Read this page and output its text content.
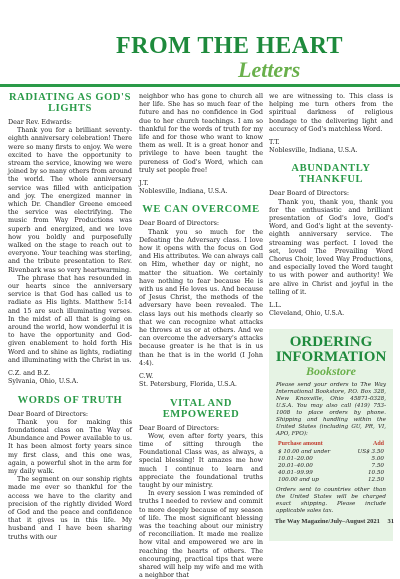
FROM THE HEART
Letters
RADIATING AS GOD'S LIGHTS

Dear Rev. Edwards:

Thank you for a brilliant seventy-eighth anniversary celebration! There were so many firsts to enjoy. We were excited to have the opportunity to stream the service, knowing we were joined by so many others from around the world. The whole anniversary service was filled with anticipation and joy. The energized manner in which Dr. Chandler Greene emceed the service was electrifying. The music from Way Productions was superb and energized, and we love how you boldly and purposefully walked on the stage to reach out to everyone. Your teaching was sterling, and the tribute presentation to Rev. Rivenbark was so very heartwarming.

The phrase that has resounded in our hearts since the anniversary service is that God has called us to radiate as His lights. Matthew 5:14 and 15 are such illuminating verses. In the midst of all that is going on around the world, how wonderful it is to have the opportunity and God-given enablement to hold forth His Word and to shine as lights, radiating and illuminating with the Christ in us.

C.Z. and B.Z.

Sylvania, Ohio, U.S.A.

WORDS OF TRUTH

Dear Board of Directors:

Thank you for making this foundational class on The Way of Abundance and Power available to us. It has been almost forty years since my first class, and this one was, again, a powerful shot in the arm for my daily walk.

The segment on our sonship rights made me ever so thankful for the access we have to the clarity and precision of the rightly divided Word of God and the peace and confidence that it gives us in this life. My husband and I have been sharing truths with our

neighbor who has gone to church all her life. She has so much fear of the future and has no confidence in God due to her church teachings. I am so thankful for the words of truth for my life and for those who want to know them as well. It is a great honor and privilege to have been taught the pureness of God's Word, which can truly set people free!

J.T.

Noblesville, Indiana, U.S.A.

WE CAN OVERCOME

Dear Board of Directors:

Thank you so much for the Defeating the Adversary class. I love how it opens with the focus on God and His attributes. We can always call on Him, whether day or night, no matter the situation. We certainly have nothing to fear because He is with us and He loves us. And because of Jesus Christ, the methods of the adversary have been revealed. The class lays out his methods clearly so that we can recognize what attacks he throws at us or at others. And we can overcome the adversary's attacks because greater is he that is in us than he that is in the world (I John 4:4).

C.W.

St. Petersburg, Florida, U.S.A.

VITAL AND EMPOWERED

Dear Board of Directors:

Wow, even after forty years, this time of sitting through the Foundational Class was, as always, a special blessing! It amazes me how much I continue to learn and appreciate the foundational truths taught by our ministry.

In every session I was reminded of truths I needed to review and commit to more deeply because of my season of life. The most significant blessing was the teaching about our ministry of reconciliation. It made me realize how vital and empowered we are in reaching the hearts of others. The encouraging, practical tips that were shared will help my wife and me with a neighbor that

we are witnessing to. This class is helping me turn others from the spiritual darkness of religious bondage to the delivering light and accuracy of God's matchless Word.

T.T.

Noblesville, Indiana, U.S.A.

ABUNDANTLY THANKFUL

Dear Board of Directors:

Thank you, thank you, thank you for the enthusiastic and brilliant presentation of God's love, God's Word, and God's light at the seventy-eighth anniversary service. The streaming was perfect. I loved the set, loved The Prevailing Word Chorus Choir, loved Way Productions, and especially loved the Word taught to us with power and authority! We are alive in Christ and joyful in the telling of it.

L.L.

Cleveland, Ohio, U.S.A.

ORDERING INFORMATION
Bookstore
Please send your orders to The Way International Bookstore, P.O. Box 328, New Knoxville, Ohio 45871-0328, U.S.A. You may also call (419) 753-1008 to place orders by phone. Shipping and handling within the United States (including GU, PR, VI, APO, FPO):
Purchase amount	Add
$ 10.00 and under	US$ 3.50
10.01–20.00	5.00
20.01–40.00	7.50
40.01–99.99	10.50
100.00 and up	12.50
Orders sent to countries other than the United States will be charged exact shipping. Please include applicable sales tax.
The Way Magazine/July–August 2021 31
